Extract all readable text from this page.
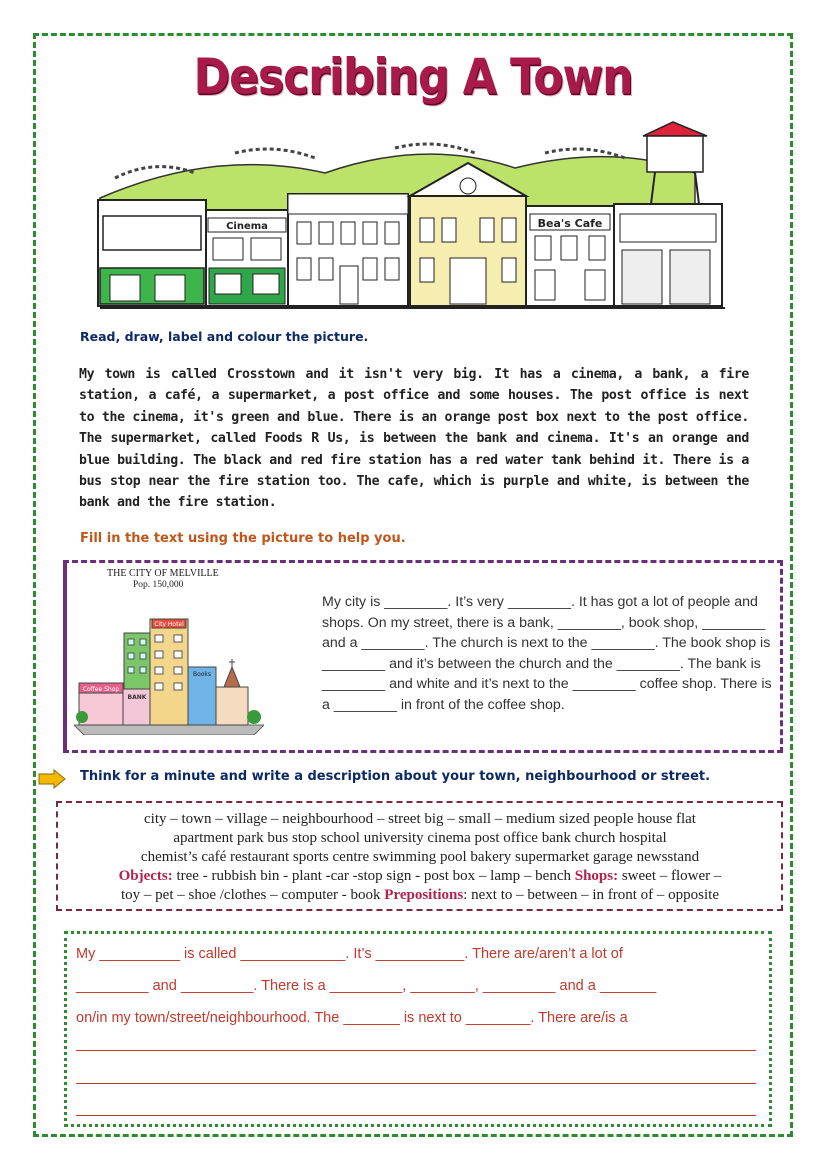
Describing A Town
Cinema	Bea's Cafe
Read, draw, label and colour the picture.
My town is called Crosstown and it isn't very big. It has a cinema, a bank, a fire station, a café, a supermarket, a post office and some houses. The post office is next to the cinema, it's green and blue. There is an orange post box next to the post office. The supermarket, called Foods R Us, is between the bank and cinema. It's an orange and blue building. The black and red fire station has a red water tank behind it. There is a bus stop near the fire station too. The cafe, which is purple and white, is between the bank and the fire station.
Fill in the text using the picture to help you.
THE CITY OF MELVILLE
Pop. 150,000
Coffee Shop
BANK
City Hotel
Books
My city is ________. It’s very ________. It has got a lot of people and shops. On my street, there is a bank, ________, book shop, ________ and a ________. The church is next to the ________. The book shop is ________ and it’s between the church and the ________. The bank is ________ and white and it’s next to the ________ coffee shop. There is a ________ in front of the coffee shop.
Think for a minute and write a description about your town, neighbourhood or street.
city – town – village – neighbourhood – street big – small – medium sized people house flat
apartment park bus stop school university cinema post office bank church hospital
chemist’s café restaurant sports centre swimming pool bakery supermarket garage newsstand
Objects: tree - rubbish bin - plant -car -stop sign - post box – lamp – bench Shops: sweet – flower –
toy – pet – shoe /clothes – computer - book Prepositions: next to – between – in front of – opposite
My __________ is called _____________. It’s ___________. There are/aren’t a lot of
_________ and _________. There is a _________, ________, _________ and a _______
on/in my town/street/neighbourhood. The _______ is next to ________. There are/is a
